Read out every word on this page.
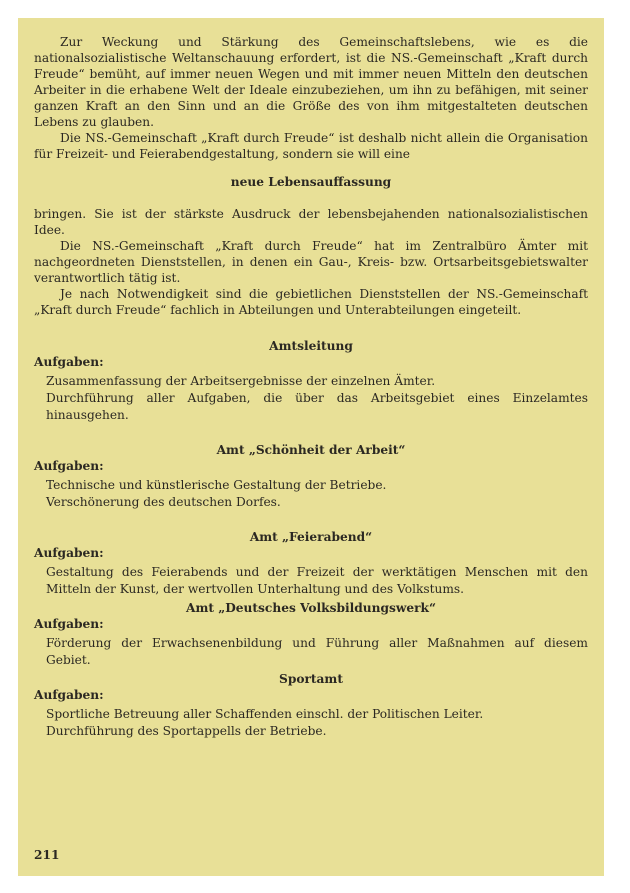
Zur Weckung und Stärkung des Gemeinschaftslebens, wie es die nationalsozialistische Weltanschauung erfordert, ist die NS.-Gemeinschaft „Kraft durch Freude“ bemüht, auf immer neuen Wegen und mit immer neuen Mitteln den deutschen Arbeiter in die erhabene Welt der Ideale einzubeziehen, um ihn zu befähigen, mit seiner ganzen Kraft an den Sinn und an die Größe des von ihm mitgestalteten deutschen Lebens zu glauben.

Die NS.-Gemeinschaft „Kraft durch Freude“ ist deshalb nicht allein die Organisation für Freizeit- und Feierabendgestaltung, sondern sie will eine

neue Lebensauffassung

bringen. Sie ist der stärkste Ausdruck der lebensbejahenden nationalsozialistischen Idee.

Die NS.-Gemeinschaft „Kraft durch Freude“ hat im Zentralbüro Ämter mit nachgeordneten Dienststellen, in denen ein Gau-, Kreis- bzw. Ortsarbeitsgebietswalter verantwortlich tätig ist.

Je nach Notwendigkeit sind die gebietlichen Dienststellen der NS.-Gemeinschaft „Kraft durch Freude“ fachlich in Abteilungen und Unterabteilungen eingeteilt.

Amtsleitung

Aufgaben:

Zusammenfassung der Arbeitsergebnisse der einzelnen Ämter.

Durchführung aller Aufgaben, die über das Arbeitsgebiet eines Einzelamtes hinausgehen.

Amt „Schönheit der Arbeit“

Aufgaben:

Technische und künstlerische Gestaltung der Betriebe.

Verschönerung des deutschen Dorfes.

Amt „Feierabend“

Aufgaben:

Gestaltung des Feierabends und der Freizeit der werktätigen Menschen mit den Mitteln der Kunst, der wertvollen Unterhaltung und des Volkstums.

Amt „Deutsches Volksbildungswerk“

Aufgaben:

Förderung der Erwachsenenbildung und Führung aller Maßnahmen auf diesem Gebiet.

Sportamt

Aufgaben:

Sportliche Betreuung aller Schaffenden einschl. der Politischen Leiter.

Durchführung des Sportappells der Betriebe.

211
